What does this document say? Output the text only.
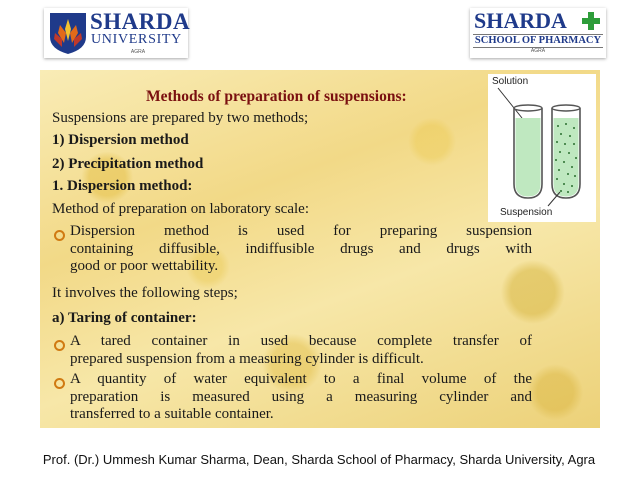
SHARDA
UNIVERSITY
AGRA
SHARDA
SCHOOL OF PHARMACY
AGRA

Methods of preparation of suspensions:

Suspensions are prepared by two methods;

1) Dispersion method

2) Precipitation method

1. Dispersion method:

Method of preparation on laboratory scale:

Dispersion method is used for preparing suspension
containing diffusible, indiffusible drugs and drugs with
good or poor wettability.

It involves the following steps;

a) Taring of container:

A tared container in used because complete transfer of
prepared suspension from a measuring cylinder is difficult.
A quantity of water equivalent to a final volume of the
preparation is measured using a measuring cylinder and
transferred to a suitable container.
Solution
Suspension
Prof. (Dr.) Ummesh Kumar Sharma, Dean, Sharda School of Pharmacy, Sharda University, Agra
